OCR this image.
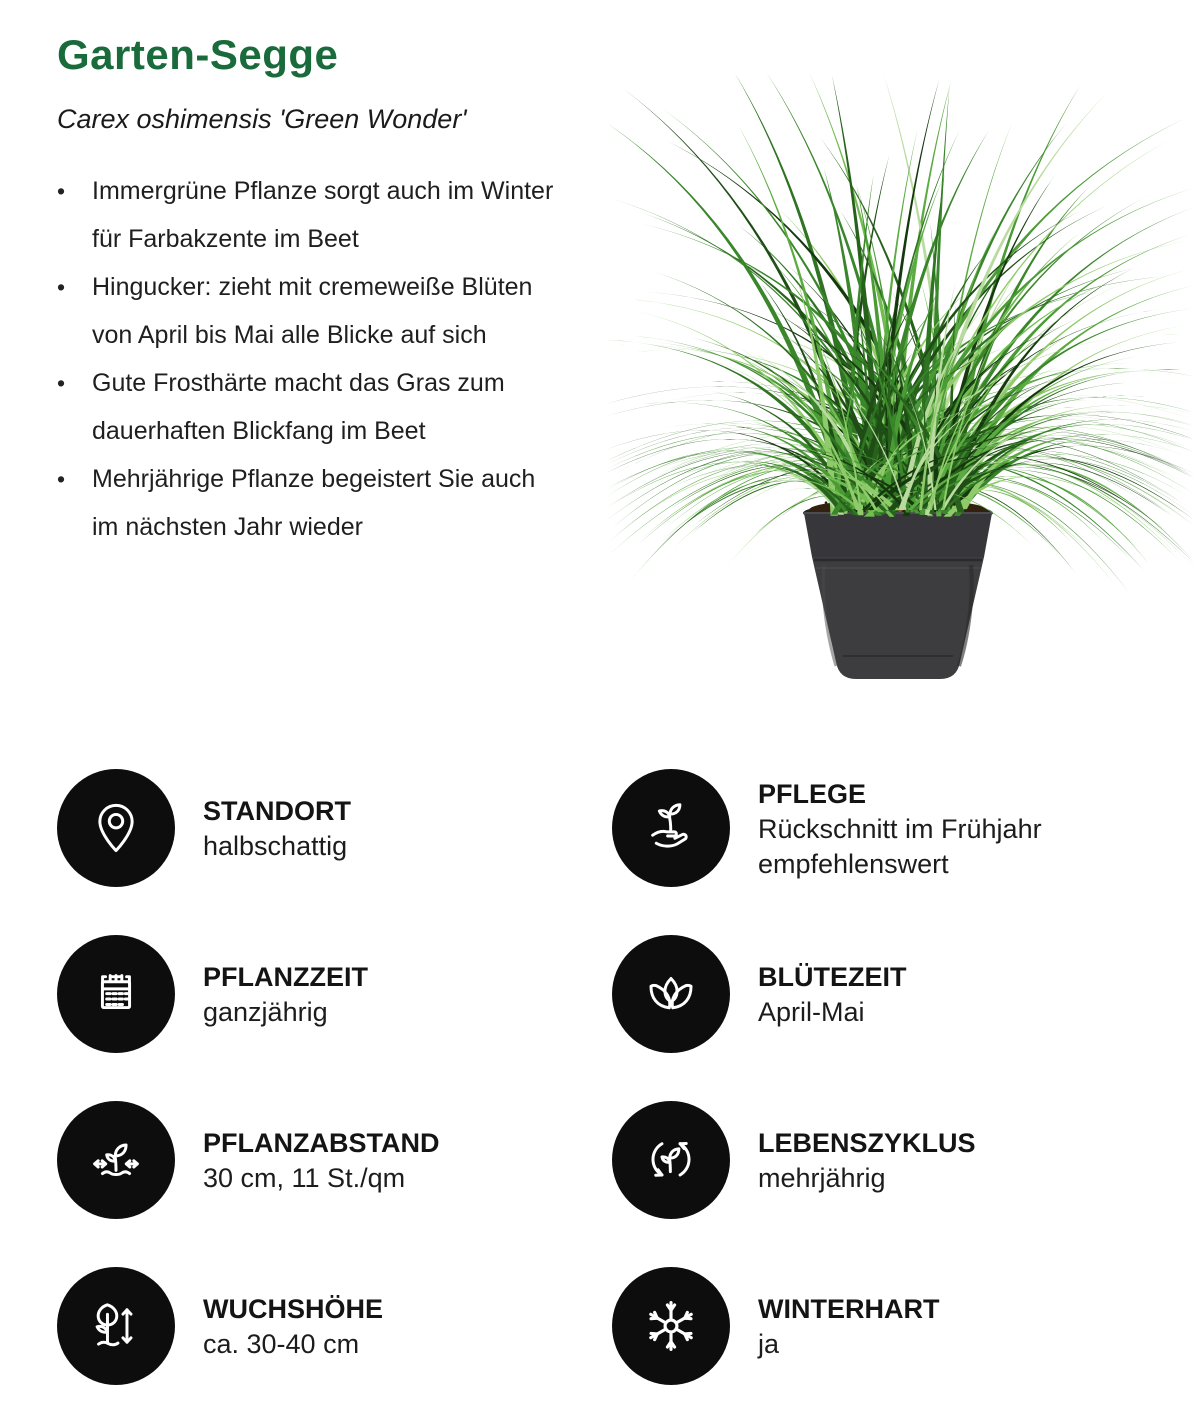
Garten-Segge

Carex oshimensis 'Green Wonder'

• Immergrüne Pflanze sorgt auch im Winter für Farbakzente im Beet
• Hingucker: zieht mit cremeweiße Blüten von April bis Mai alle Blicke auf sich
• Gute Frosthärte macht das Gras zum dauerhaften Blickfang im Beet
• Mehrjährige Pflanze begeistert Sie auch im nächsten Jahr wieder
STANDORT
halbschattig
PFLEGE
Rückschnitt im Frühjahr empfehlenswert
PFLANZZEIT
ganzjährig
BLÜTEZEIT
April-Mai
PFLANZABSTAND
30 cm, 11 St./qm
LEBENSZYKLUS
mehrjährig
WUCHSHÖHE
ca. 30-40 cm
WINTERHART
ja
